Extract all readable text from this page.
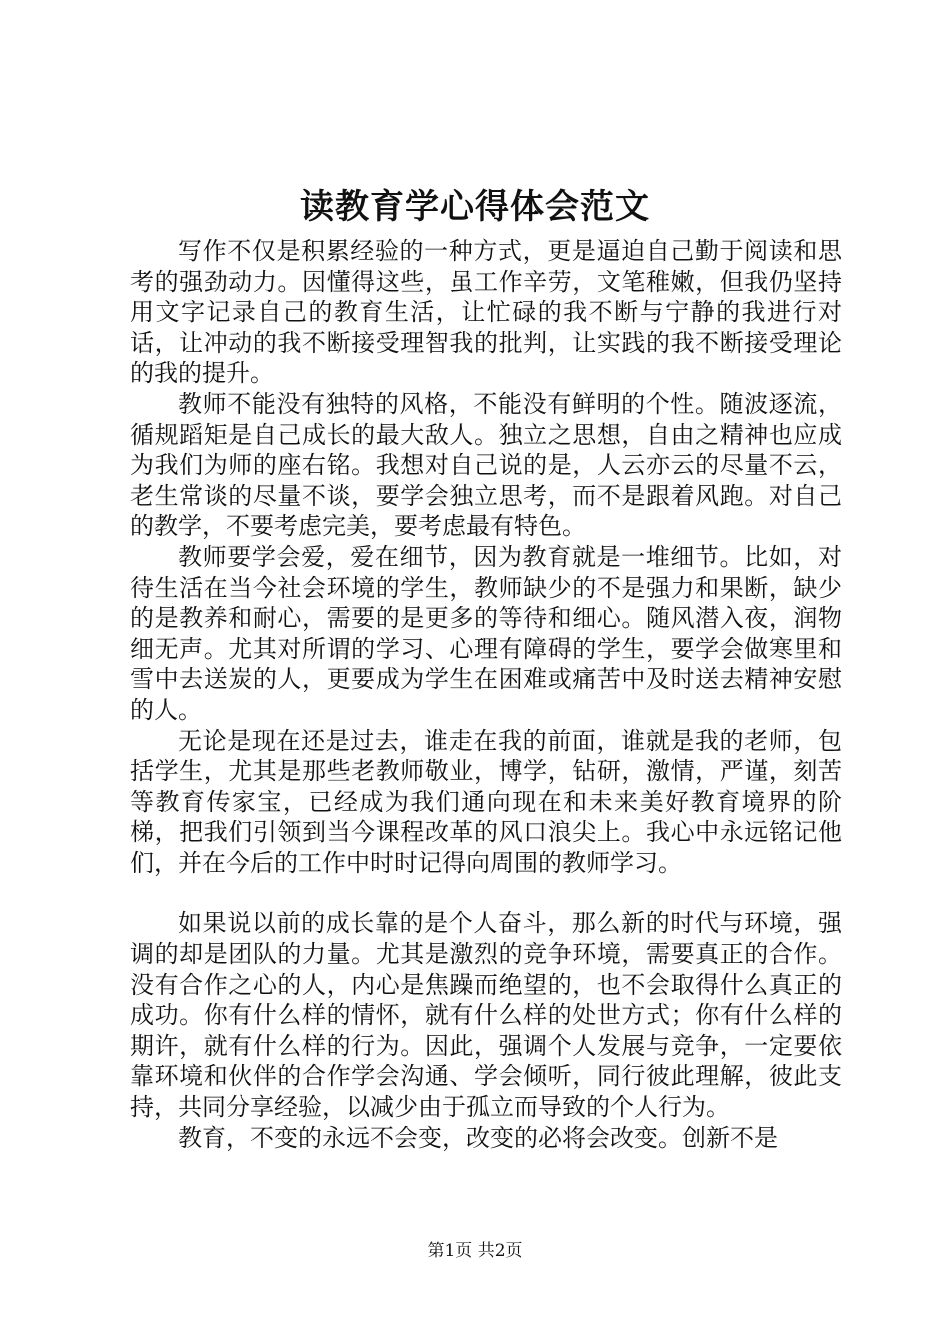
读教育学心得体会范文

写作不仅是积累经验的一种方式，更是逼迫自己勤于阅读和思考的强劲动力。因懂得这些，虽工作辛劳，文笔稚嫩，但我仍坚持用文字记录自己的教育生活，让忙碌的我不断与宁静的我进行对话，让冲动的我不断接受理智我的批判，让实践的我不断接受理论的我的提升。

教师不能没有独特的风格，不能没有鲜明的个性。随波逐流，循规蹈矩是自己成长的最大敌人。独立之思想，自由之精神也应成为我们为师的座右铭。我想对自己说的是，人云亦云的尽量不云，老生常谈的尽量不谈，要学会独立思考，而不是跟着风跑。对自己的教学，不要考虑完美，要考虑最有特色。

教师要学会爱，爱在细节，因为教育就是一堆细节。比如，对待生活在当今社会环境的学生，教师缺少的不是强力和果断，缺少的是教养和耐心，需要的是更多的等待和细心。随风潜入夜，润物细无声。尤其对所谓的学习、心理有障碍的学生，要学会做寒里和雪中去送炭的人，更要成为学生在困难或痛苦中及时送去精神安慰的人。

无论是现在还是过去，谁走在我的前面，谁就是我的老师，包括学生，尤其是那些老教师敬业，博学，钻研，激情，严谨，刻苦等教育传家宝，已经成为我们通向现在和未来美好教育境界的阶梯，把我们引领到当今课程改革的风口浪尖上。我心中永远铭记他们，并在今后的工作中时时记得向周围的教师学习。

如果说以前的成长靠的是个人奋斗，那么新的时代与环境，强调的却是团队的力量。尤其是激烈的竞争环境，需要真正的合作。没有合作之心的人，内心是焦躁而绝望的，也不会取得什么真正的成功。你有什么样的情怀，就有什么样的处世方式；你有什么样的期许，就有什么样的行为。因此，强调个人发展与竞争，一定要依靠环境和伙伴的合作学会沟通、学会倾听，同行彼此理解，彼此支持，共同分享经验，以减少由于孤立而导致的个人行为。

教育，不变的永远不会变，改变的必将会改变。创新不是

第1页 共2页
